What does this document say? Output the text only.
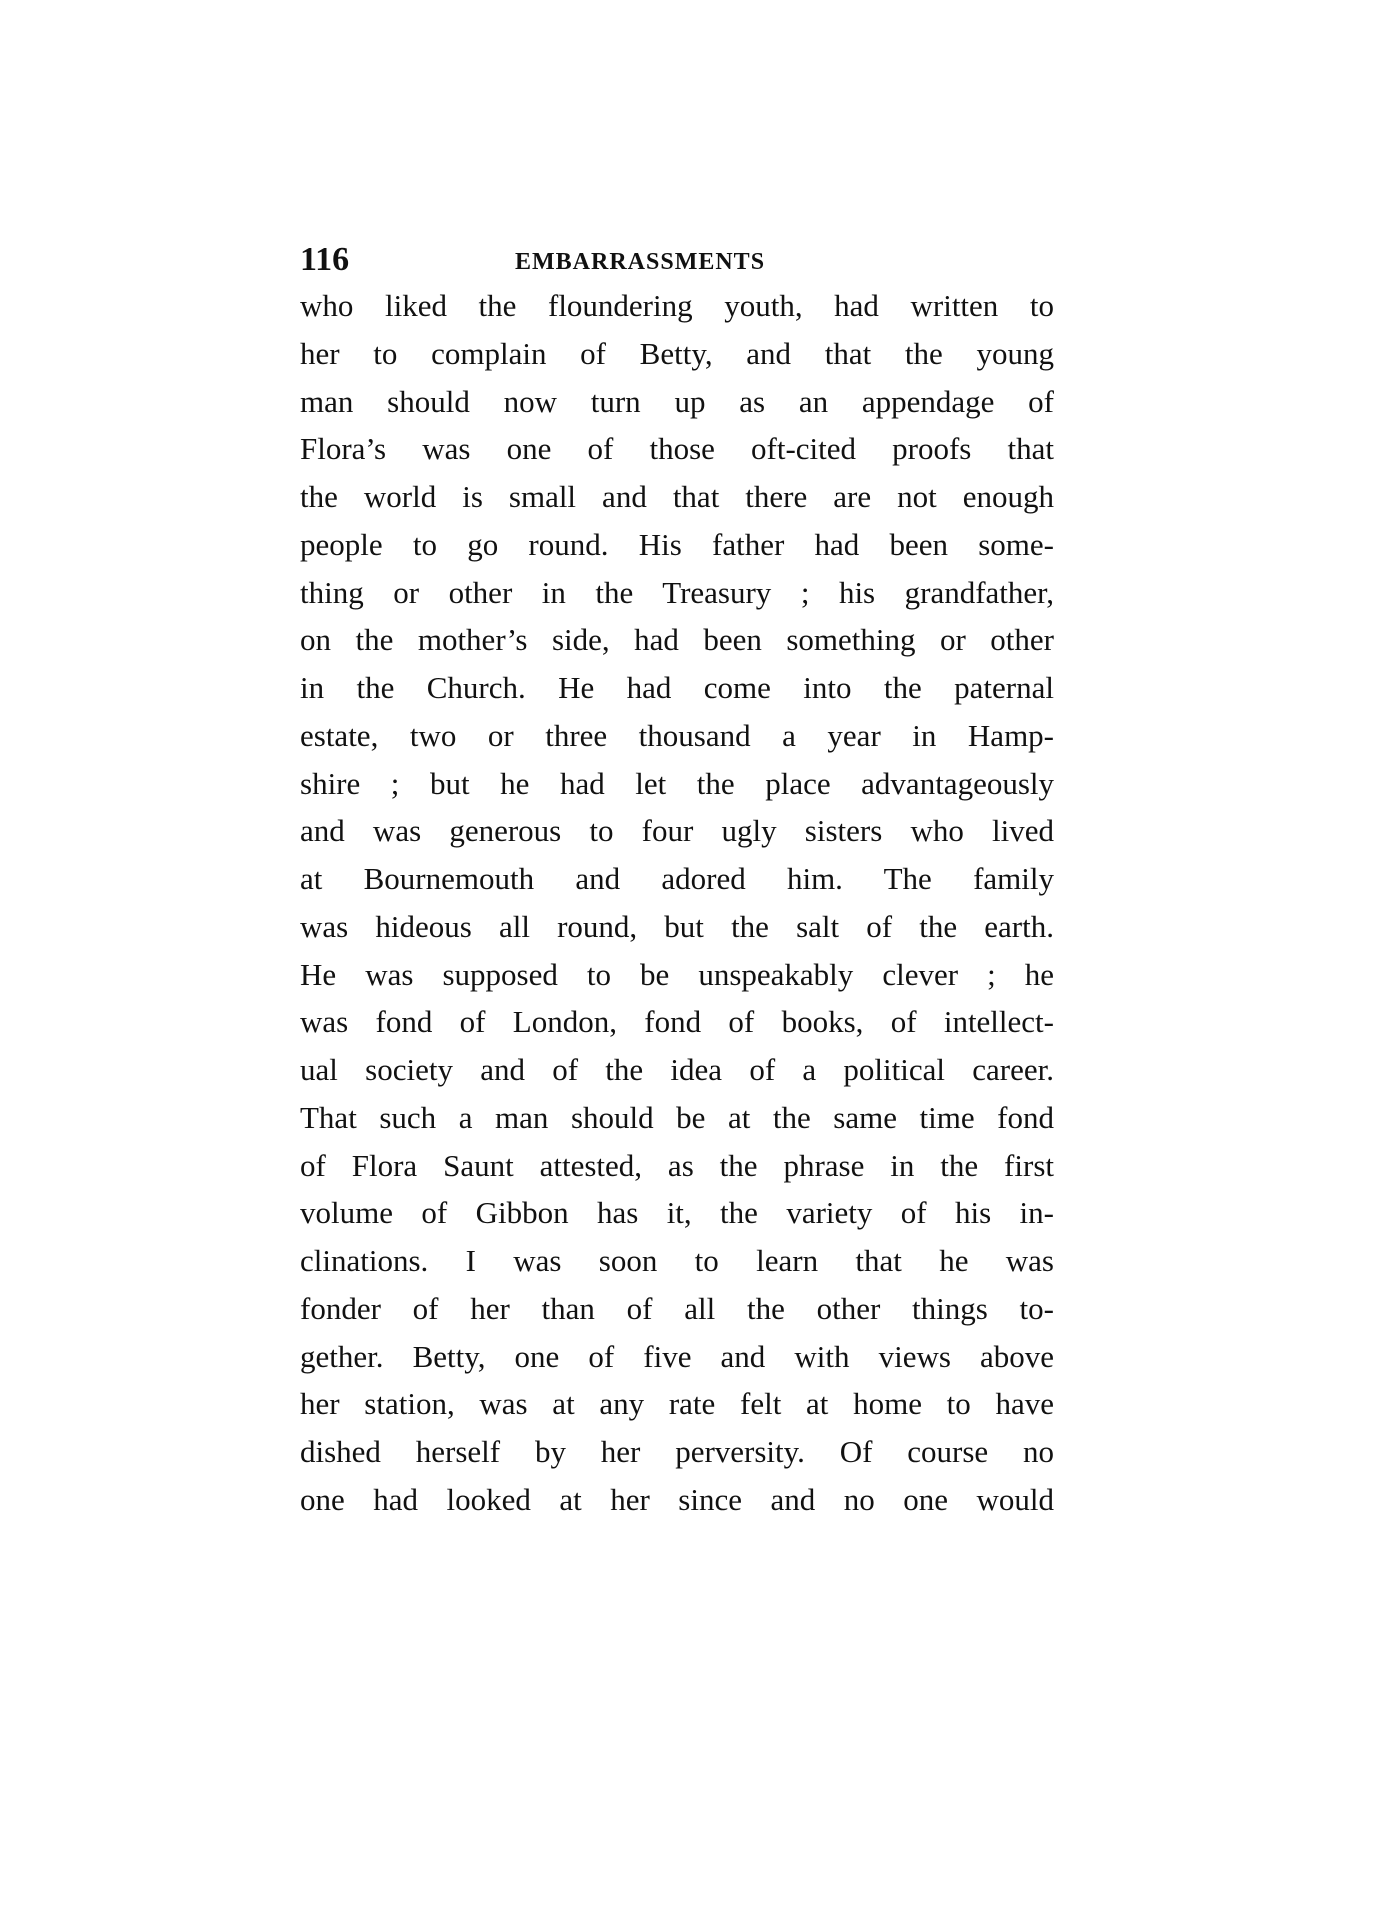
116	EMBARRASSMENTS
who liked the floundering youth, had written to
her to complain of Betty, and that the young
man should now turn up as an appendage of
Flora’s was one of those oft-cited proofs that
the world is small and that there are not enough
people to go round. His father had been some-
thing or other in the Treasury ; his grandfather,
on the mother’s side, had been something or other
in the Church. He had come into the paternal
estate, two or three thousand a year in Hamp-
shire ; but he had let the place advantageously
and was generous to four ugly sisters who lived
at Bournemouth and adored him. The family
was hideous all round, but the salt of the earth.
He was supposed to be unspeakably clever ; he
was fond of London, fond of books, of intellect-
ual society and of the idea of a political career.
That such a man should be at the same time fond
of Flora Saunt attested, as the phrase in the first
volume of Gibbon has it, the variety of his in-
clinations. I was soon to learn that he was
fonder of her than of all the other things to-
gether. Betty, one of five and with views above
her station, was at any rate felt at home to have
dished herself by her perversity. Of course no
one had looked at her since and no one would
